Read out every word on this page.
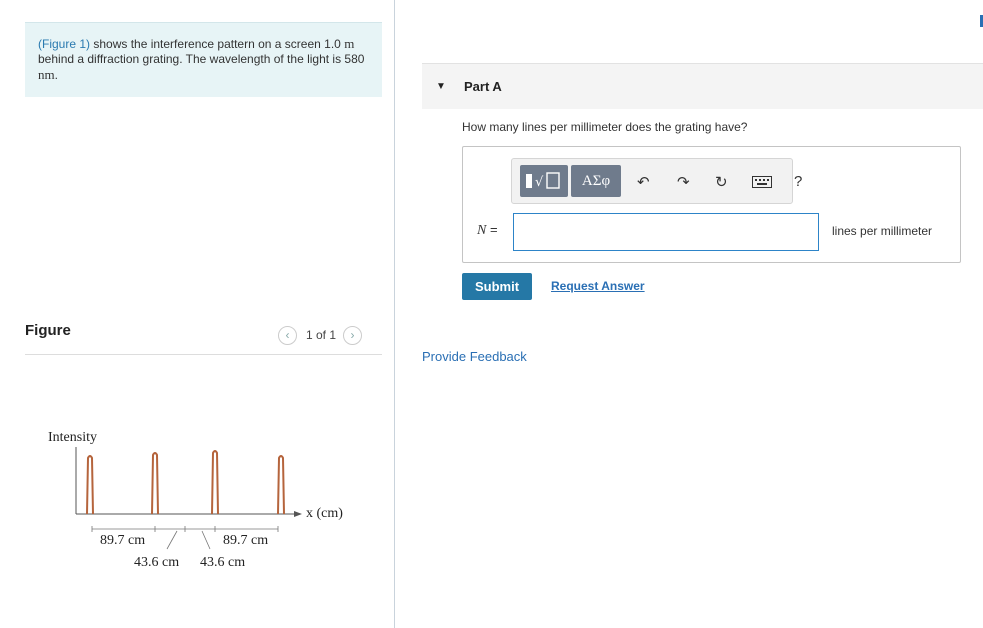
(Figure 1) shows the interference pattern on a screen 1.0 m behind a diffraction grating. The wavelength of the light is 580 nm.
Figure	‹ 1 of 1 ›
Intensity
x (cm)
89.7 cm	89.7 cm
43.6 cm 43.6 cm
▼ Part A
How many lines per millimeter does the grating have?
√	ΑΣφ	↶ ↷ ↻	?
N =	lines per millimeter
Submit	Request Answer
Provide Feedback
